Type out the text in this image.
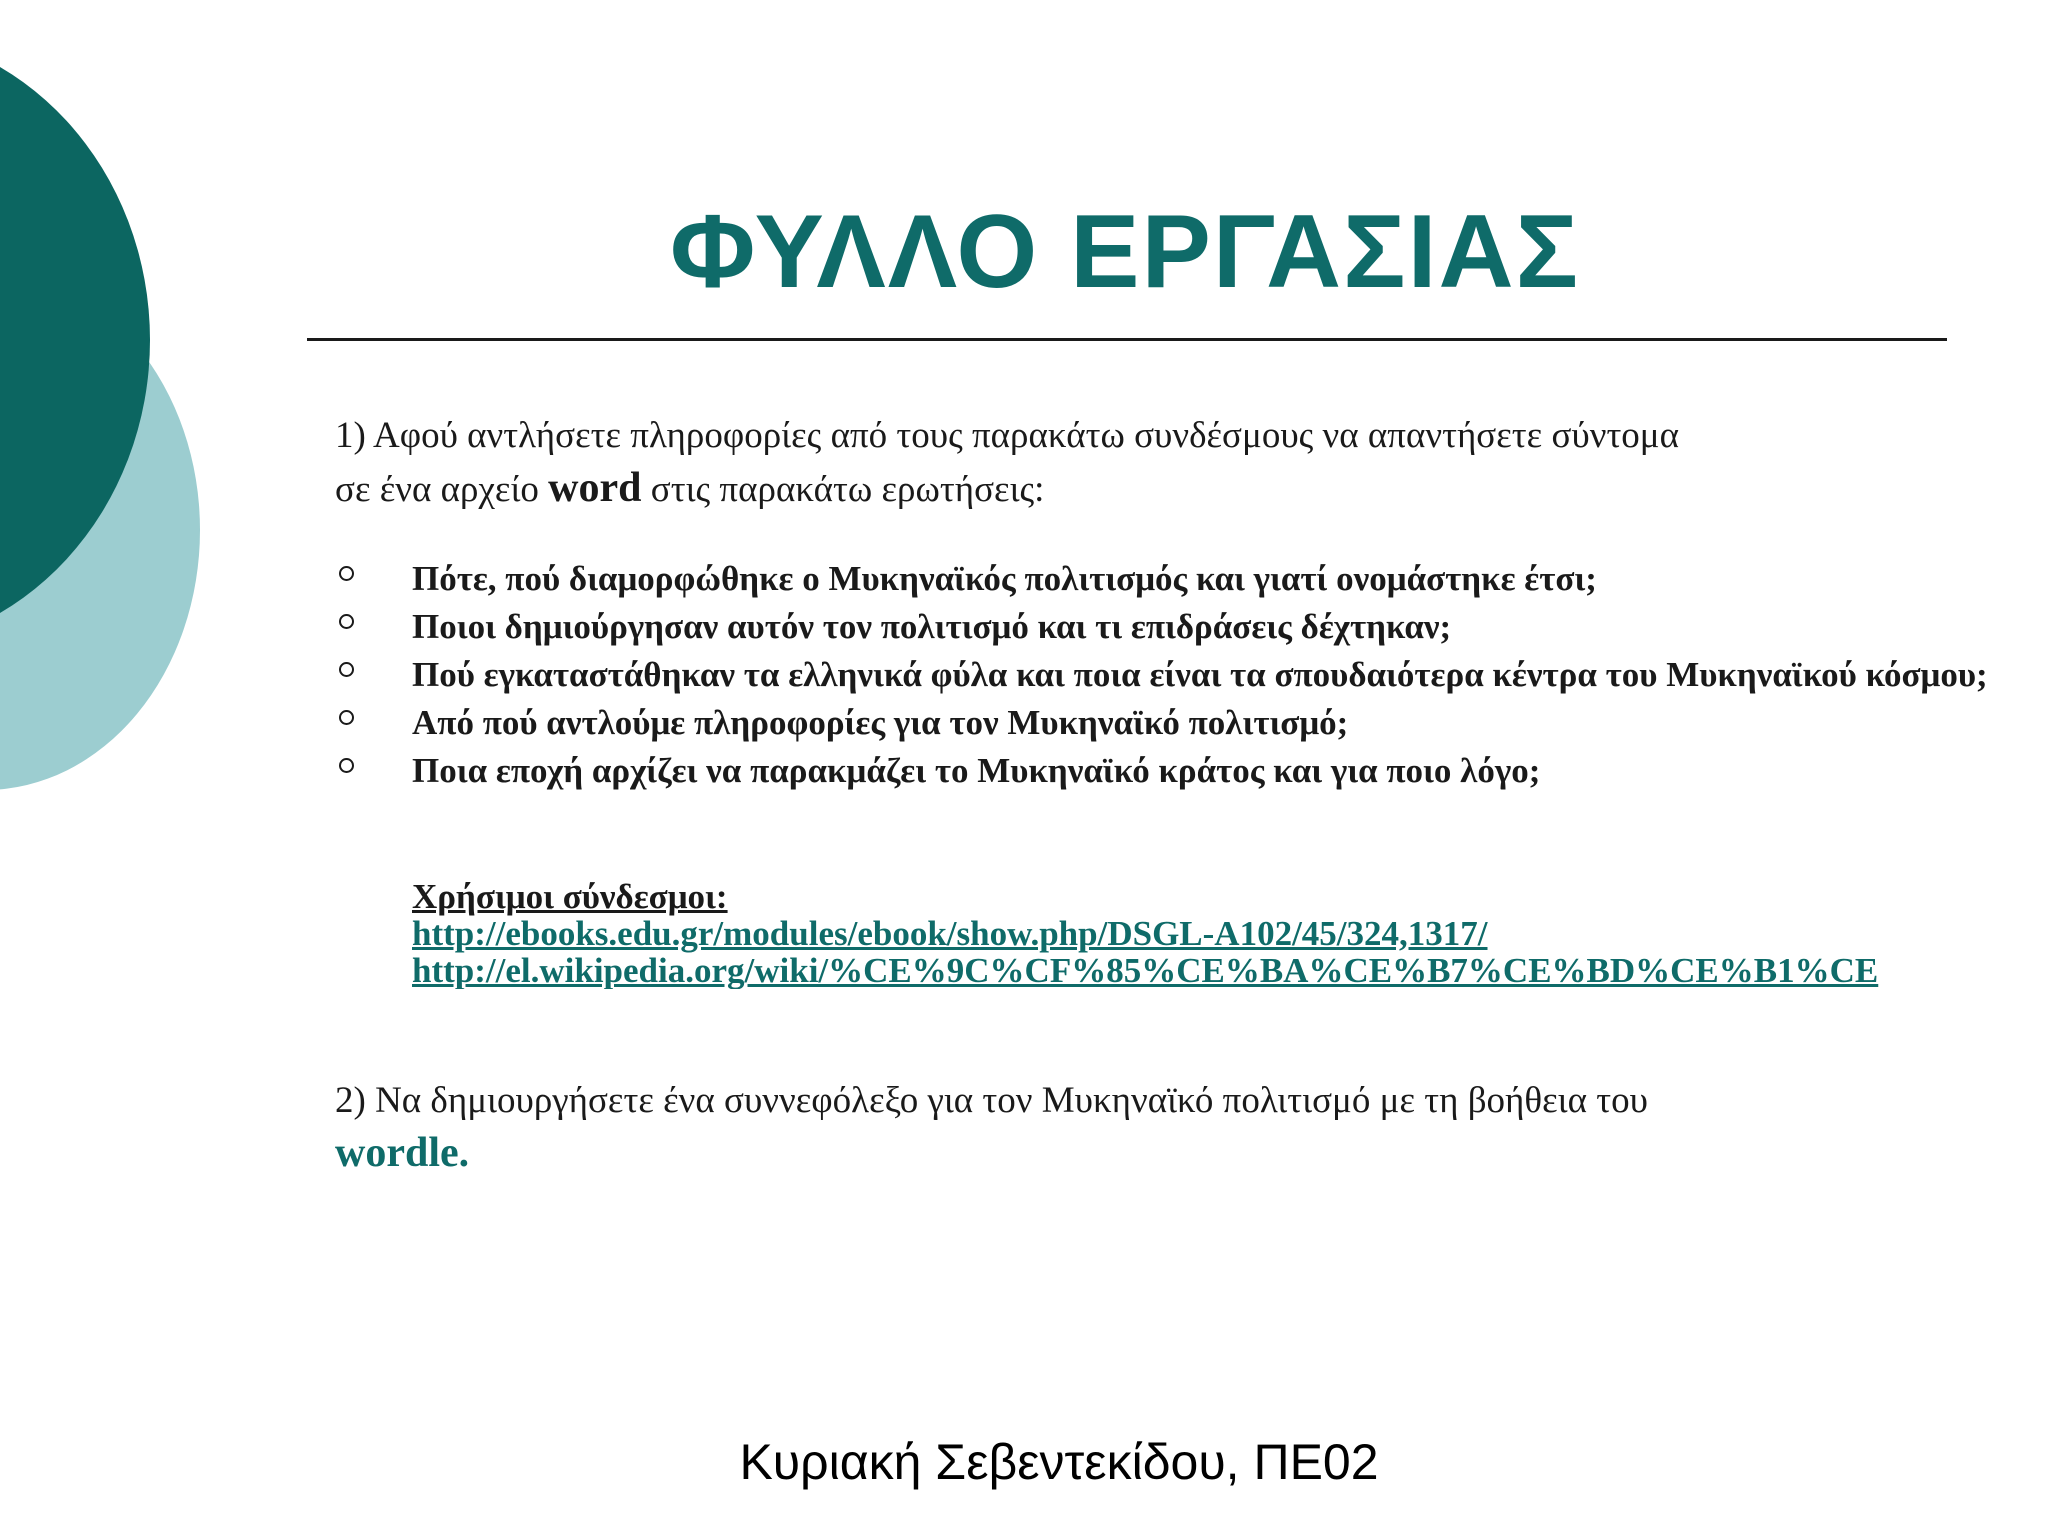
ΦΥΛΛΟ ΕΡΓΑΣΙΑΣ

1) Αφού αντλήσετε πληροφορίες από τους παρακάτω συνδέσμους να απαντήσετε σύντομα
σε ένα αρχείο word στις παρακάτω ερωτήσεις:

Πότε, πού διαμορφώθηκε ο Μυκηναϊκός πολιτισμός και γιατί ονομάστηκε έτσι;
Ποιοι δημιούργησαν αυτόν τον πολιτισμό και τι επιδράσεις δέχτηκαν;
Πού εγκαταστάθηκαν τα ελληνικά φύλα και ποια είναι τα σπουδαιότερα κέντρα του Μυκηναϊκού κόσμου;
Από πού αντλούμε πληροφορίες για τον Μυκηναϊκό πολιτισμό;
Ποια εποχή αρχίζει να παρακμάζει το Μυκηναϊκό κράτος και για ποιο λόγο;
Χρήσιμοι σύνδεσμοι:
http://ebooks.edu.gr/modules/ebook/show.php/DSGL-A102/45/324,1317/
http://el.wikipedia.org/wiki/%CE%9C%CF%85%CE%BA%CE%B7%CE%BD%CE%B1%CE

2) Να δημιουργήσετε ένα συννεφόλεξο για τον Μυκηναϊκό πολιτισμό με τη βοήθεια του
wordle.

Κυριακή Σεβεντεκίδου, ΠΕ02
